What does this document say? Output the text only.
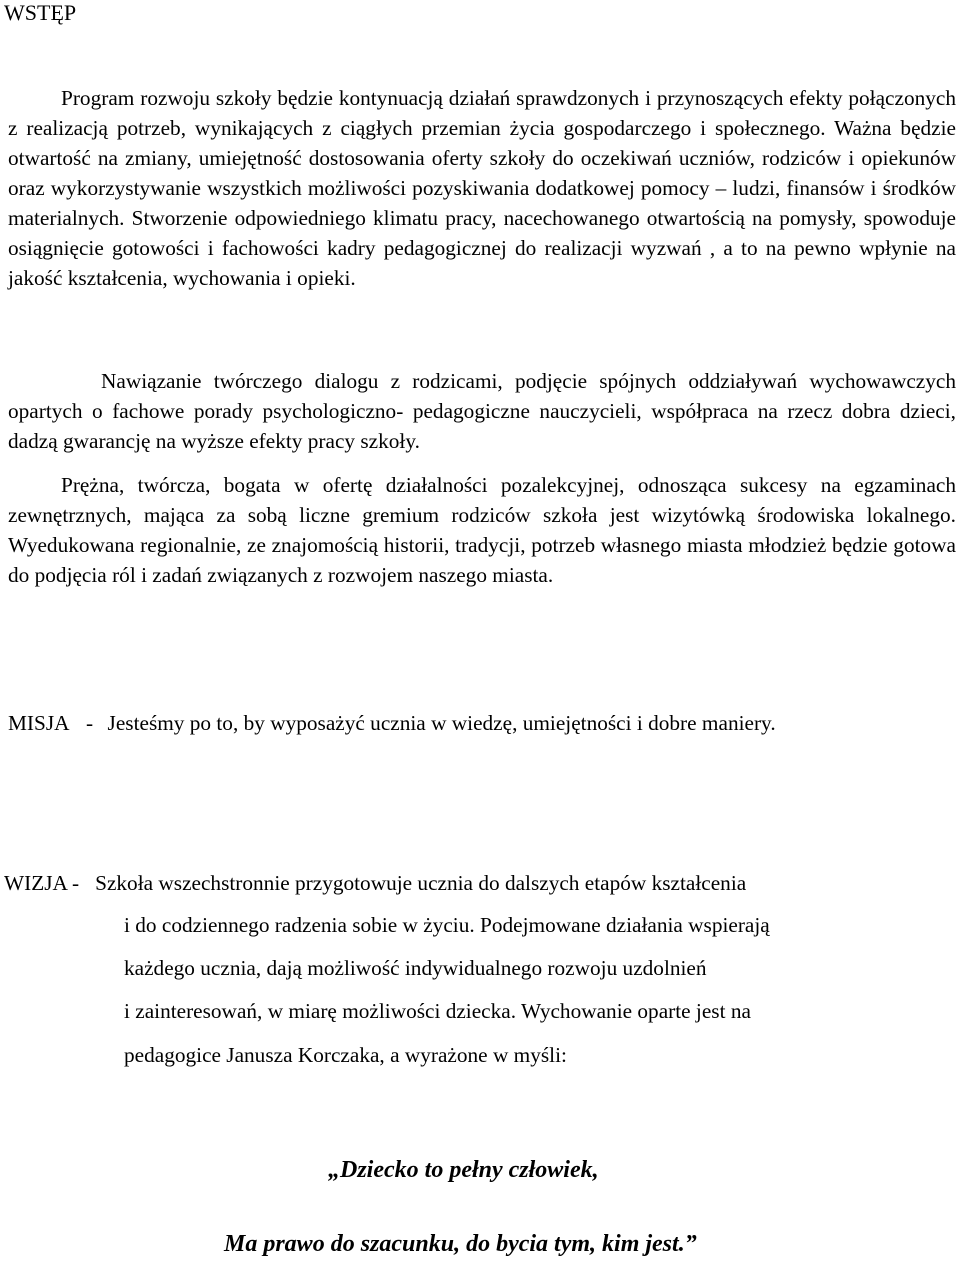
WSTĘP

Program rozwoju szkoły będzie kontynuacją działań sprawdzonych i przynoszących efekty połączonych z realizacją potrzeb, wynikających z ciągłych przemian życia gospodarczego i społecznego. Ważna będzie otwartość na zmiany, umiejętność dostosowania oferty szkoły do oczekiwań uczniów, rodziców i opiekunów oraz wykorzystywanie wszystkich możliwości pozyskiwania dodatkowej pomocy – ludzi, finansów i środków materialnych. Stworzenie odpowiedniego klimatu pracy, nacechowanego otwartością na pomysły, spowoduje osiągnięcie gotowości i fachowości kadry pedagogicznej do realizacji wyzwań , a to na pewno wpłynie na jakość kształcenia, wychowania i opieki.

Nawiązanie twórczego dialogu z rodzicami, podjęcie spójnych oddziaływań wychowawczych opartych o fachowe porady psychologiczno- pedagogiczne nauczycieli, współpraca na rzecz dobra dzieci, dadzą gwarancję na wyższe efekty pracy szkoły.

Prężna, twórcza, bogata w ofertę działalności pozalekcyjnej, odnosząca sukcesy na egzaminach zewnętrznych, mająca za sobą liczne gremium rodziców szkoła jest wizytówką środowiska lokalnego. Wyedukowana regionalnie, ze znajomością historii, tradycji, potrzeb własnego miasta młodzież będzie gotowa do podjęcia ról i zadań związanych z rozwojem naszego miasta.

MISJA - Jesteśmy po to, by wyposażyć ucznia w wiedzę, umiejętności i dobre maniery.
WIZJA - Szkoła wszechstronnie przygotowuje ucznia do dalszych etapów kształcenia
i do codziennego radzenia sobie w życiu. Podejmowane działania wspierają
każdego ucznia, dają możliwość indywidualnego rozwoju uzdolnień
i zainteresowań, w miarę możliwości dziecka. Wychowanie oparte jest na
pedagogice Janusza Korczaka, a wyrażone w myśli:
„Dziecko to pełny człowiek,
Ma prawo do szacunku, do bycia tym, kim jest.”
